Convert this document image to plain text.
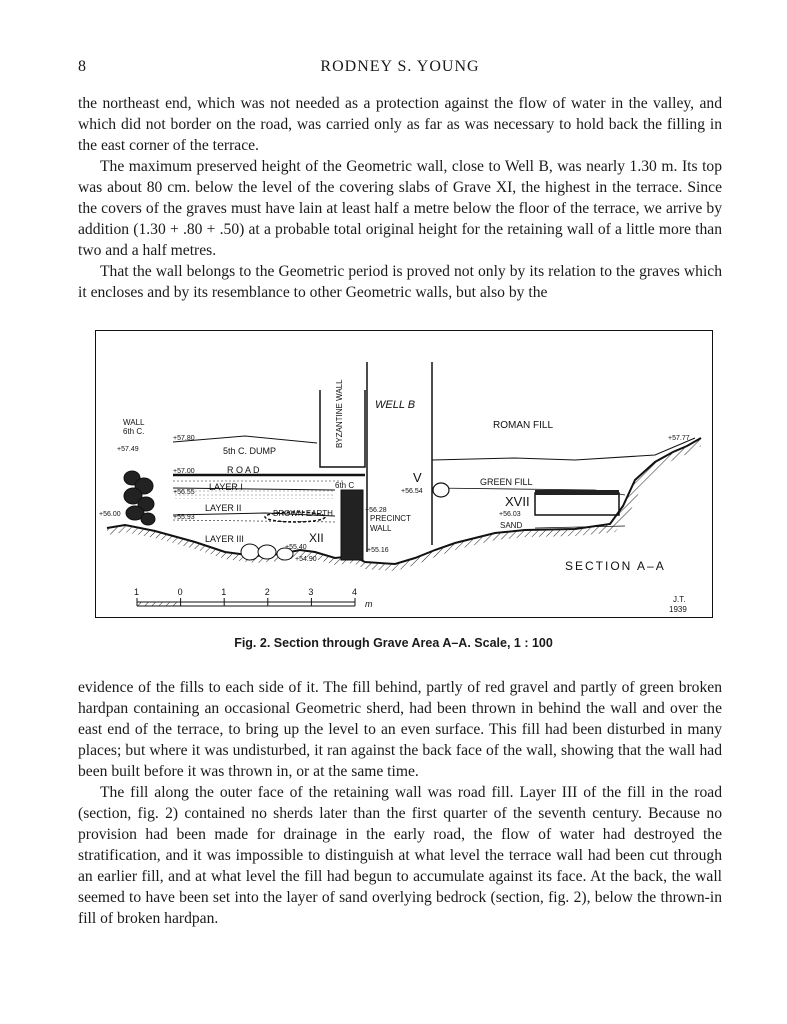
8	RODNEY S. YOUNG

the northeast end, which was not needed as a protection against the flow of water in the valley, and which did not border on the road, was carried only as far as was necessary to hold back the filling in the east corner of the terrace.

The maximum preserved height of the Geometric wall, close to Well B, was nearly 1.30 m. Its top was about 80 cm. below the level of the covering slabs of Grave XI, the highest in the terrace. Since the covers of the graves must have lain at least half a metre below the floor of the terrace, we arrive by addition (1.30 + .80 + .50) at a probable total original height for the retaining wall of a little more than two and a half metres.

That the wall belongs to the Geometric period is proved not only by its relation to the graves which it encloses and by its resemblance to other Geometric walls, but also by the

WALL
6th C.
5th C. DUMP
R O A D
LAYER I
LAYER II
LAYER III
BROWN EARTH
6th C
PRECINCT
WALL
BYZANTINE WALL	WELL B
ROMAN FILL
V
XII
XVII
GREEN FILL
SAND
SECTION A–A
+57.49
+57.80
+57.00
+56.55
+56.00	+55.93
+56.28
+55.40
+54.90
+55.16
+56.54
+56.03
+57.77
1	0	1	2	3	4
m	J.T.
1939
Fig. 2. Section through Grave Area A–A. Scale, 1 : 100

evidence of the fills to each side of it. The fill behind, partly of red gravel and partly of green broken hardpan containing an occasional Geometric sherd, had been thrown in behind the wall and over the east end of the terrace, to bring up the level to an even surface. This fill had been disturbed in many places; but where it was undisturbed, it ran against the back face of the wall, showing that the wall had been built before it was thrown in, or at the same time.

The fill along the outer face of the retaining wall was road fill. Layer III of the fill in the road (section, fig. 2) contained no sherds later than the first quarter of the seventh century. Because no provision had been made for drainage in the early road, the flow of water had destroyed the stratification, and it was impossible to distinguish at what level the terrace wall had been cut through an earlier fill, and at what level the fill had begun to accumulate against its face. At the back, the wall seemed to have been set into the layer of sand overlying bedrock (section, fig. 2), below the thrown-in fill of broken hardpan.
